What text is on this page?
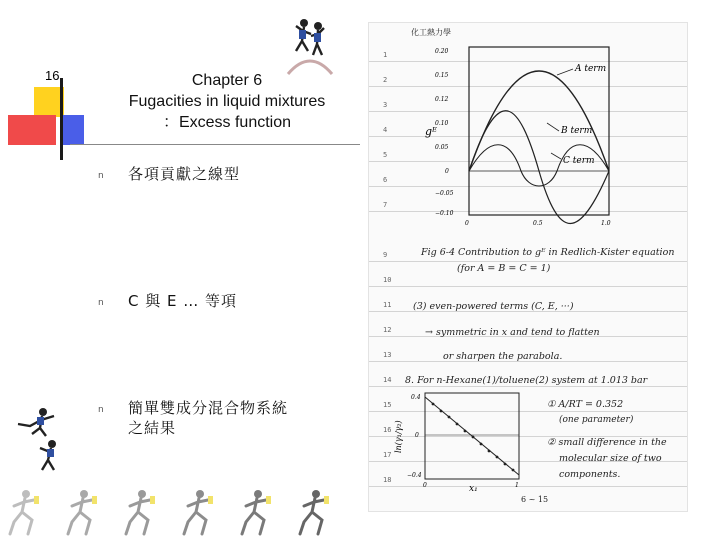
16	Chapter 6
Fugacities in liquid mixtures
：Excess function
n 各項貢獻之線型
n C 與 E … 等項
n 簡單雙成分混合物系統
之結果
化工熱力學
1
2
3
4
5
6
7
9
10
11
12
13
14
15
16
17
18
0.20
0.15
0.12
0.10
0.05
0
−0.05
−0.10
0	0.5	1.0
gᴱ
A term
B term
C term
Fig 6-4 Contribution to gᴱ in Redlich-Kister equation
(for A = B = C = 1)
(3) even-powered terms (C, E, ···)
→ symmetric in x and tend to flatten
or sharpen the parabola.
8. For n-Hexane(1)/toluene(2) system at 1.013 bar
0.4
0
−0.4
0	1
x₁
ln(γ₁/γ₂)
① A/RT = 0.352
(one parameter)
② small difference in the
molecular size of two
components.
6 ~ 15
